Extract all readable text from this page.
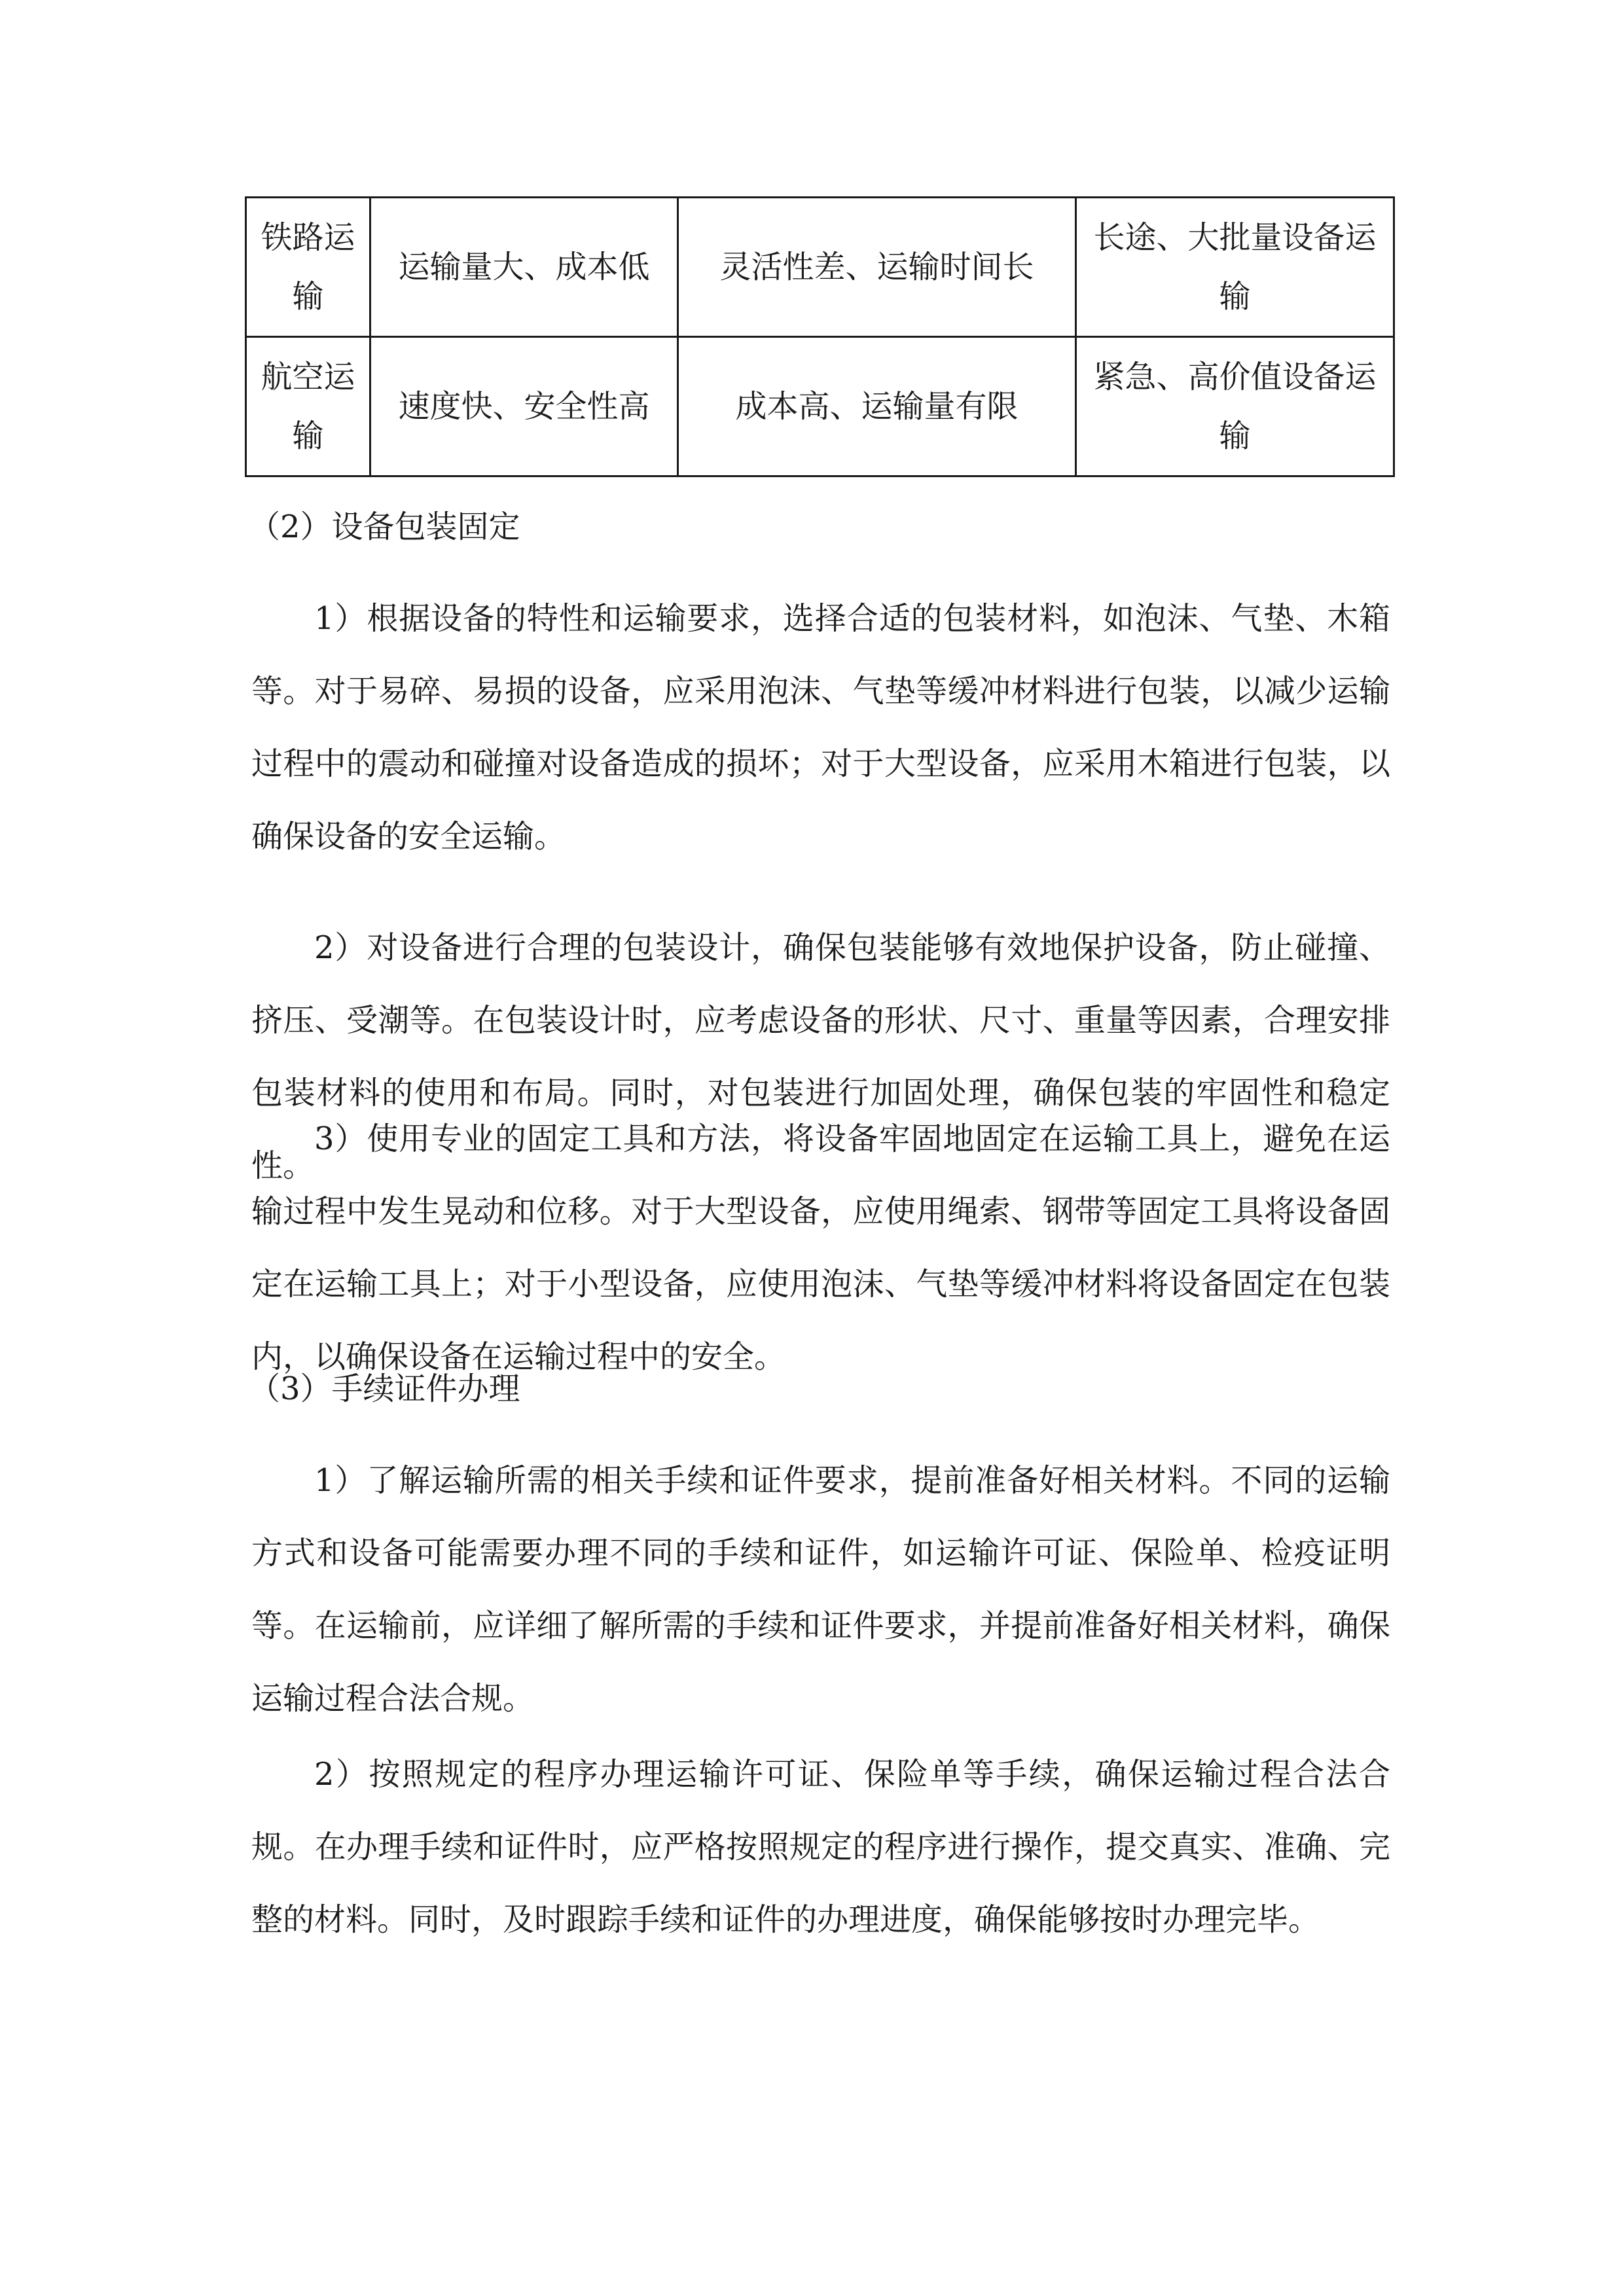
铁路运输	运输量大、成本低	灵活性差、运输时间长	长途、大批量设备运输
航空运输	速度快、安全性高	成本高、运输量有限	紧急、高价值设备运输
（2）设备包装固定

1）根据设备的特性和运输要求，选择合适的包装材料，如泡沫、气垫、木箱等。对于易碎、易损的设备，应采用泡沫、气垫等缓冲材料进行包装，以减少运输过程中的震动和碰撞对设备造成的损坏；对于大型设备，应采用木箱进行包装，以确保设备的安全运输。

2）对设备进行合理的包装设计，确保包装能够有效地保护设备，防止碰撞、挤压、受潮等。在包装设计时，应考虑设备的形状、尺寸、重量等因素，合理安排包装材料的使用和布局。同时，对包装进行加固处理，确保包装的牢固性和稳定性。

3）使用专业的固定工具和方法，将设备牢固地固定在运输工具上，避免在运输过程中发生晃动和位移。对于大型设备，应使用绳索、钢带等固定工具将设备固定在运输工具上；对于小型设备，应使用泡沫、气垫等缓冲材料将设备固定在包装内，以确保设备在运输过程中的安全。

（3）手续证件办理

1）了解运输所需的相关手续和证件要求，提前准备好相关材料。不同的运输方式和设备可能需要办理不同的手续和证件，如运输许可证、保险单、检疫证明等。在运输前，应详细了解所需的手续和证件要求，并提前准备好相关材料，确保运输过程合法合规。

2）按照规定的程序办理运输许可证、保险单等手续，确保运输过程合法合规。在办理手续和证件时，应严格按照规定的程序进行操作，提交真实、准确、完整的材料。同时，及时跟踪手续和证件的办理进度，确保能够按时办理完毕。
